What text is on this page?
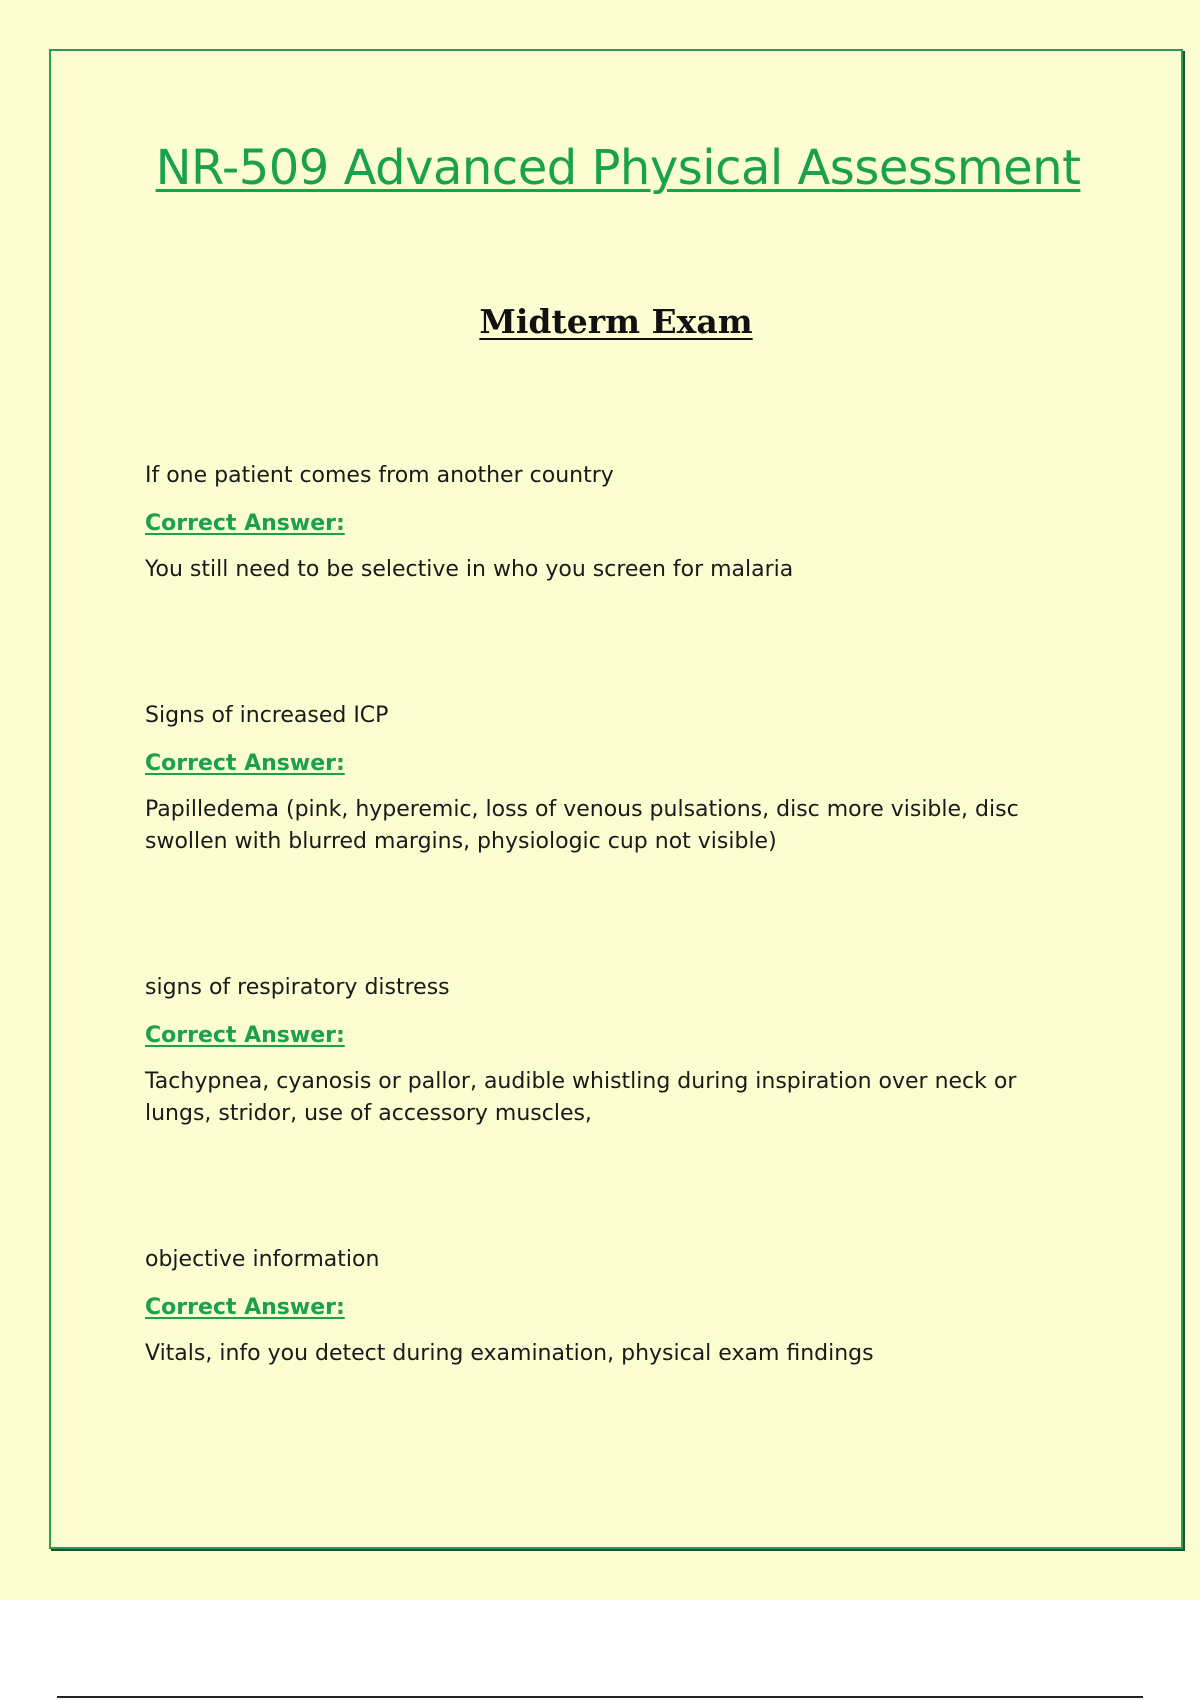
NR-509 Advanced Physical Assessment
Midterm Exam

If one patient comes from another country

Correct Answer:

You still need to be selective in who you screen for malaria

Signs of increased ICP

Correct Answer:

Papilledema (pink, hyperemic, loss of venous pulsations, disc more visible, disc swollen with blurred margins, physiologic cup not visible)

signs of respiratory distress

Correct Answer:

Tachypnea, cyanosis or pallor, audible whistling during inspiration over neck or lungs, stridor, use of accessory muscles,

objective information

Correct Answer:

Vitals, info you detect during examination, physical exam findings
